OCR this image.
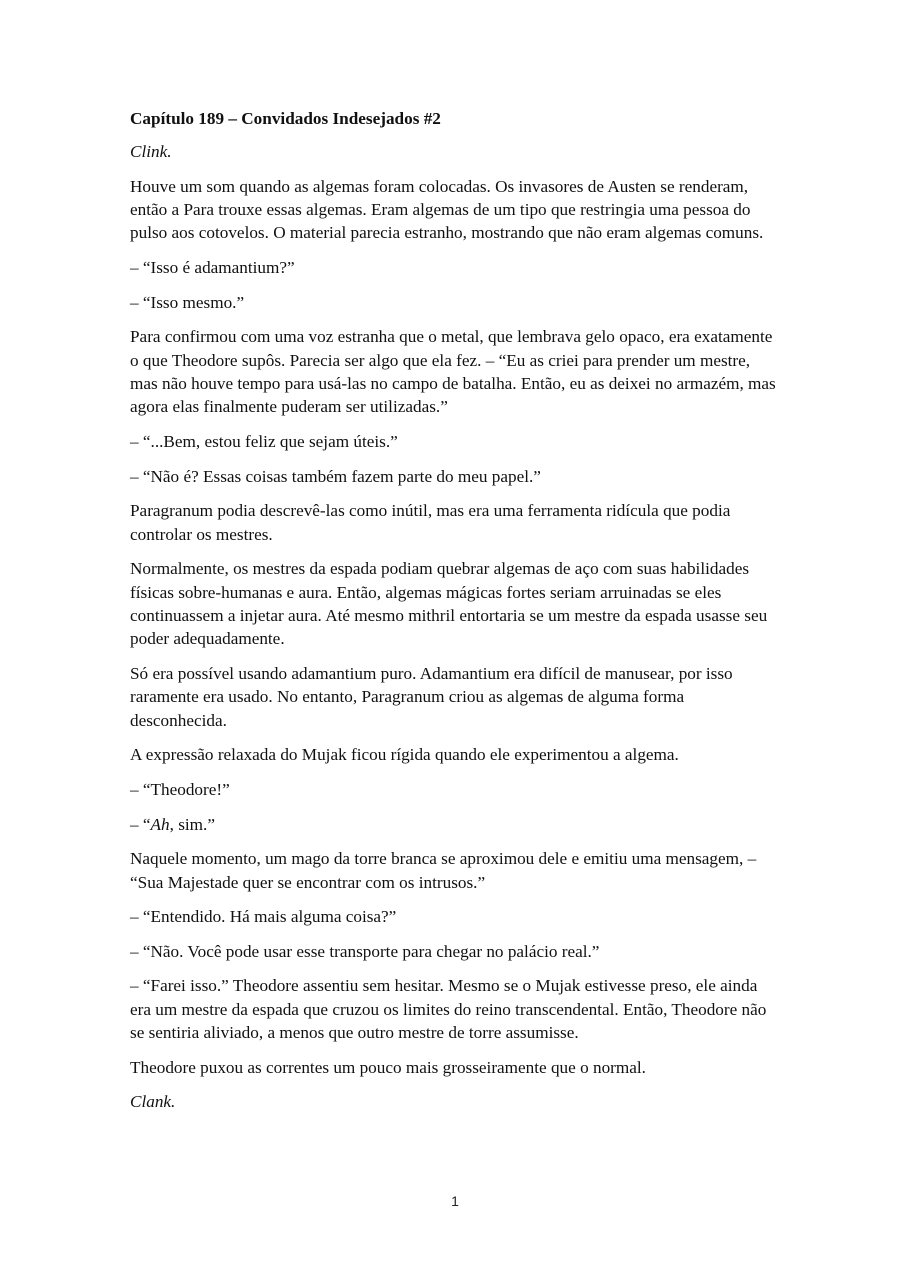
Capítulo 189 – Convidados Indesejados #2

Clink.

Houve um som quando as algemas foram colocadas. Os invasores de Austen se renderam, então a Para trouxe essas algemas. Eram algemas de um tipo que restringia uma pessoa do pulso aos cotovelos. O material parecia estranho, mostrando que não eram algemas comuns.

– “Isso é adamantium?”

– “Isso mesmo.”

Para confirmou com uma voz estranha que o metal, que lembrava gelo opaco, era exatamente o que Theodore supôs. Parecia ser algo que ela fez. – “Eu as criei para prender um mestre, mas não houve tempo para usá-las no campo de batalha. Então, eu as deixei no armazém, mas agora elas finalmente puderam ser utilizadas.”

– “...Bem, estou feliz que sejam úteis.”

– “Não é? Essas coisas também fazem parte do meu papel.”

Paragranum podia descrevê-las como inútil, mas era uma ferramenta ridícula que podia controlar os mestres.

Normalmente, os mestres da espada podiam quebrar algemas de aço com suas habilidades físicas sobre-humanas e aura. Então, algemas mágicas fortes seriam arruinadas se eles continuassem a injetar aura. Até mesmo mithril entortaria se um mestre da espada usasse seu poder adequadamente.

Só era possível usando adamantium puro. Adamantium era difícil de manusear, por isso raramente era usado. No entanto, Paragranum criou as algemas de alguma forma desconhecida.

A expressão relaxada do Mujak ficou rígida quando ele experimentou a algema.

– “Theodore!”

– “Ah, sim.”

Naquele momento, um mago da torre branca se aproximou dele e emitiu uma mensagem, – “Sua Majestade quer se encontrar com os intrusos.”

– “Entendido. Há mais alguma coisa?”

– “Não. Você pode usar esse transporte para chegar no palácio real.”

– “Farei isso.” Theodore assentiu sem hesitar. Mesmo se o Mujak estivesse preso, ele ainda era um mestre da espada que cruzou os limites do reino transcendental. Então, Theodore não se sentiria aliviado, a menos que outro mestre de torre assumisse.

Theodore puxou as correntes um pouco mais grosseiramente que o normal.

Clank.

1
